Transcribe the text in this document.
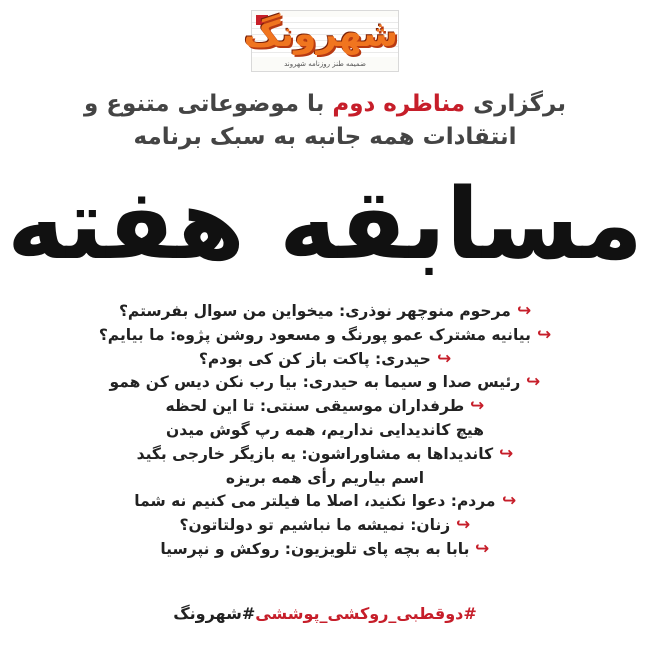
شهرونگ
ضمیمه طنز روزنامه شهروند
برگزاری مناظره دوم با موضوعاتی متنوع و
انتقادات همه جانبه به سبک برنامه
مسابقه هفته
↩مرحوم منوچهر نوذری: میخواین من سوال بفرستم؟
↩بیانیه مشترک عمو پورنگ و مسعود روشن پژوه: ما بیایم؟
↩حیدری: پاکت باز کن کی بودم؟
↩رئیس صدا و سیما به حیدری: بیا رب نکن دیس کن همو
↩طرفداران موسیقی سنتی: تا این لحظه
هیچ کاندیدایی نداریم، همه رپ گوش میدن
↩کاندیداها به مشاوراشون: یه بازیگر خارجی بگید
اسم بیاریم رأی همه بریزه
↩مردم: دعوا نکنید، اصلا ما فیلتر می کنیم نه شما
↩زنان: نمیشه ما نباشیم تو دولتاتون؟
↩بابا به بچه پای تلویزیون: روکش و نپرسیا
#دوقطبی_روکشی_پوششی#شهرونگ
